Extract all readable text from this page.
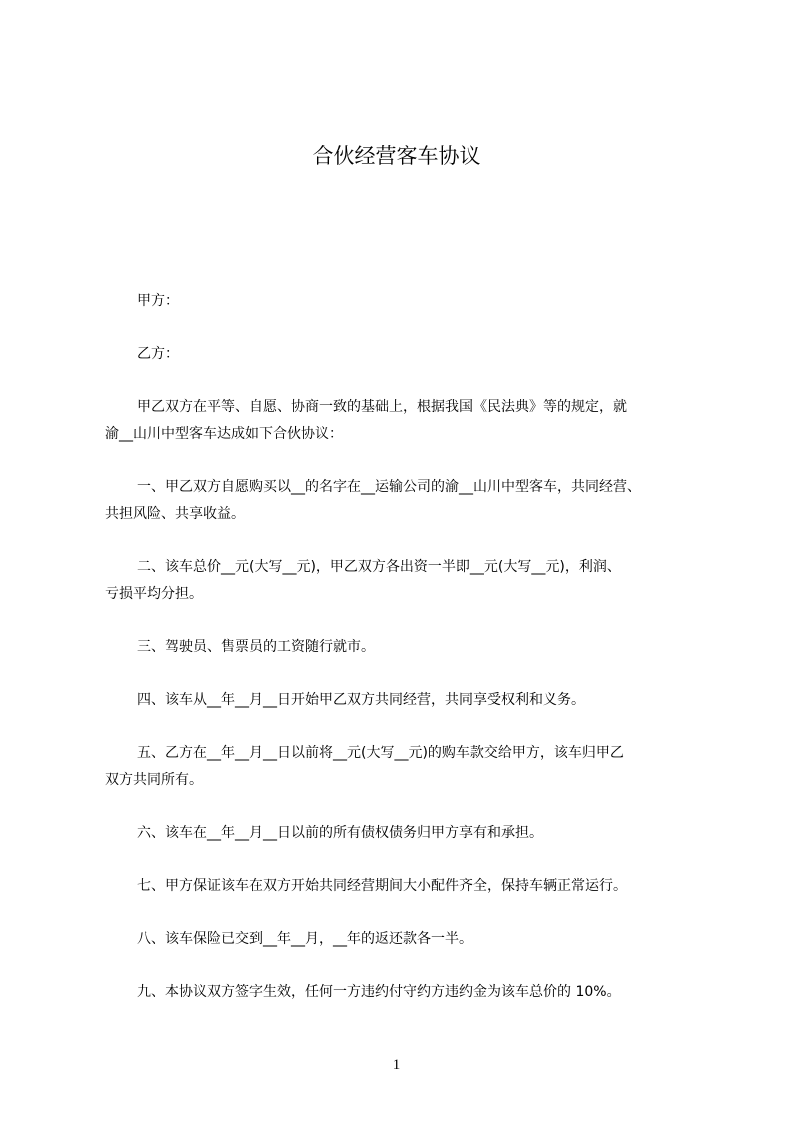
合伙经营客车协议

甲方：

乙方：

甲乙双方在平等、自愿、协商一致的基础上，根据我国《民法典》等的规定，就
渝__山川中型客车达成如下合伙协议：

一、甲乙双方自愿购买以__的名字在__运输公司的渝__山川中型客车，共同经营、
共担风险、共享收益。

二、该车总价__元(大写__元)，甲乙双方各出资一半即__元(大写__元)，利润、
亏损平均分担。

三、驾驶员、售票员的工资随行就市。

四、该车从__年__月__日开始甲乙双方共同经营，共同享受权利和义务。

五、乙方在__年__月__日以前将__元(大写__元)的购车款交给甲方，该车归甲乙
双方共同所有。

六、该车在__年__月__日以前的所有债权债务归甲方享有和承担。

七、甲方保证该车在双方开始共同经营期间大小配件齐全，保持车辆正常运行。

八、该车保险已交到__年__月，__年的返还款各一半。

九、本协议双方签字生效，任何一方违约付守约方违约金为该车总价的 10%。

1
